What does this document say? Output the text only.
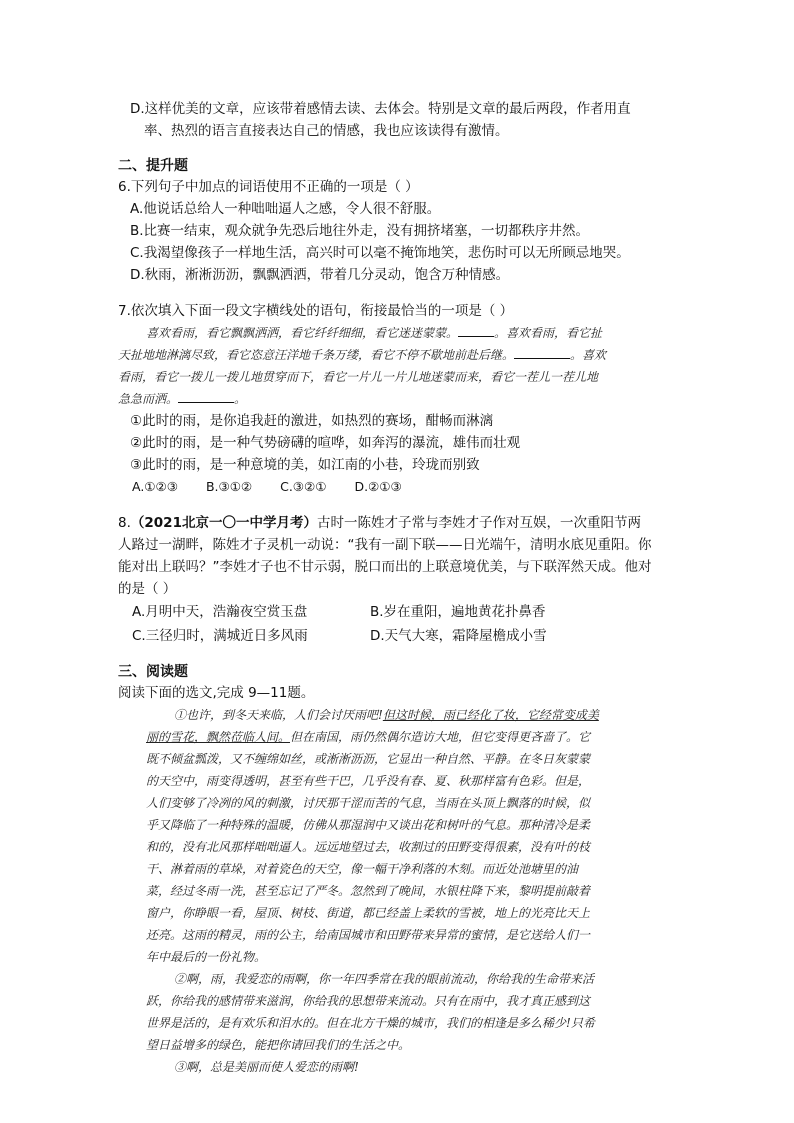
D.这样优美的文章，应该带着感情去读、去体会。特别是文章的最后两段，作者用直
率、热烈的语言直接表达自己的情感，我也应该读得有激情。
二、提升题
6.下列句子中加点的词语使用不正确的一项是（ ）
A.他说话总给人一种咄咄逼人之感，令人很不舒服。
B.比赛一结束，观众就争先恐后地往外走，没有拥挤堵塞，一切都秩序井然。
C.我渴望像孩子一样地生活，高兴时可以毫不掩饰地笑，悲伤时可以无所顾忌地哭。
D.秋雨，淅淅沥沥，飘飘洒洒，带着几分灵动，饱含万种情感。
7.依次填入下面一段文字横线处的语句，衔接最恰当的一项是（ ）
喜欢看雨，看它飘飘洒洒，看它纤纤细细，看它迷迷蒙蒙。	。喜欢看雨，看它扯
天扯地地淋漓尽致，看它恣意汪洋地千条万缕，看它不停不歇地前赴后继。	。喜欢
看雨，看它一拨儿一拨儿地贯穿而下，看它一片儿一片儿地迷蒙而来，看它一茬儿一茬儿地
急急而洒。	。
①此时的雨，是你追我赶的激进，如热烈的赛场，酣畅而淋漓
②此时的雨，是一种气势磅礴的喧哗，如奔泻的瀑流，雄伟而壮观
③此时的雨，是一种意境的美，如江南的小巷，玲珑而别致
A.①②③ B.③①② C.③②① D.②①③
8.（2021北京一〇一中学月考）古时一陈姓才子常与李姓才子作对互娱，一次重阳节两
人路过一湖畔，陈姓才子灵机一动说：“我有一副下联——日光端午，清明水底见重阳。你
能对出上联吗？”李姓才子也不甘示弱，脱口而出的上联意境优美，与下联浑然天成。他对
的是（ ）
A.月明中天，浩瀚夜空赏玉盘	B.岁在重阳，遍地黄花扑鼻香
C.三径归时，满城近日多风雨	D.天气大寒，霜降屋檐成小雪
三、阅读题
阅读下面的选文,完成 9—11题。
①也许，到冬天来临，人们会讨厌雨吧!但这时候，雨已经化了妆，它经常变成美
丽的雪花，飘然莅临人间。但在南国，雨仍然偶尔造访大地，但它变得更吝啬了。它
既不倾盆瓢泼，又不缠绵如丝，或淅淅沥沥，它显出一种自然、平静。在冬日灰蒙蒙
的天空中，雨变得透明，甚至有些干巴，几乎没有春、夏、秋那样富有色彩。但是，
人们变够了冷冽的风的刺激，讨厌那干涩而苦的气息，当雨在头顶上飘落的时候，似
乎又降临了一种特殊的温暖，仿佛从那湿润中又谈出花和树叶的气息。那种清冷是柔
和的，没有北风那样咄咄逼人。远远地望过去，收割过的田野变得很素，没有叶的枝
干、淋着雨的草垛，对着瓷色的天空，像一幅干净利落的木刻。而近处池塘里的油
菜，经过冬雨一洗，甚至忘记了严冬。忽然到了晚间，水银柱降下来，黎明提前敲着
窗户，你睁眼一看，屋顶、树枝、街道，都已经盖上柔软的雪被，地上的光亮比天上
还亮。这雨的精灵，雨的公主，给南国城市和田野带来异常的蜜情，是它送给人们一
年中最后的一份礼物。
②啊，雨，我爱恋的雨啊，你一年四季常在我的眼前流动，你给我的生命带来活
跃，你给我的感情带来滋润，你给我的思想带来流动。只有在雨中，我才真正感到这
世界是活的，是有欢乐和泪水的。但在北方干燥的城市，我们的相逢是多么稀少!只希
望日益增多的绿色，能把你请回我们的生活之中。
③啊，总是美丽而使人爱恋的雨啊!
